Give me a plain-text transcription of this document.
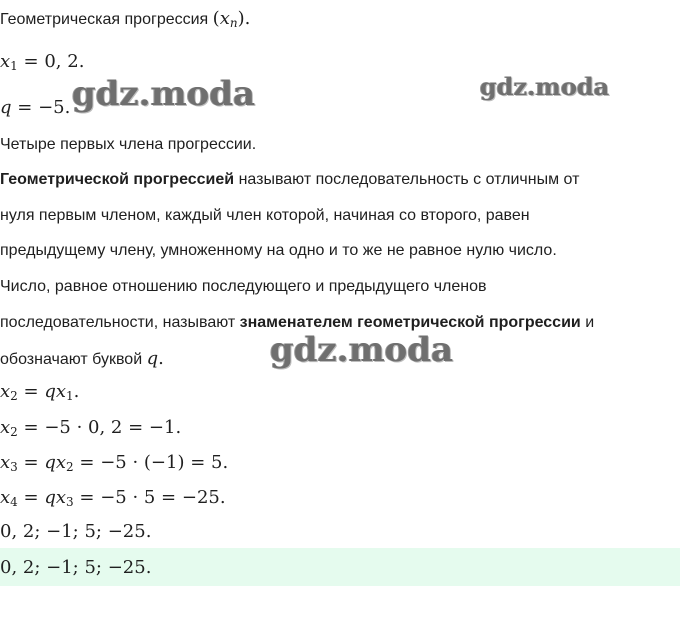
Геометрическая прогрессия $(x_n)$.
$x_1 = 0$, 2.
q = −5.
Четыре первых члена прогрессии.
Геометрической прогрессией называют последовательность с отличным от
нуля первым членом, каждый член которой, начиная со второго, равен
предыдущему члену, умноженному на одно и то же не равное нулю число.
Число, равное отношению последующего и предыдущего членов
последовательности, называют знаменателем геометрической прогрессии и
обозначают буквой q.
$x_2 = qx_1$.
$x_2 = -5 \cdot 0$, 2 = −1.
$x_3 = qx_2 = -5 \cdot (-1) = 5$.
$x_4 = qx_3 = -5 \cdot 5 = -25$.
0, 2; −1; 5; −25.
0, 2; −1; 5; −25.
gdz.moda	gdz.moda
gdz.moda
